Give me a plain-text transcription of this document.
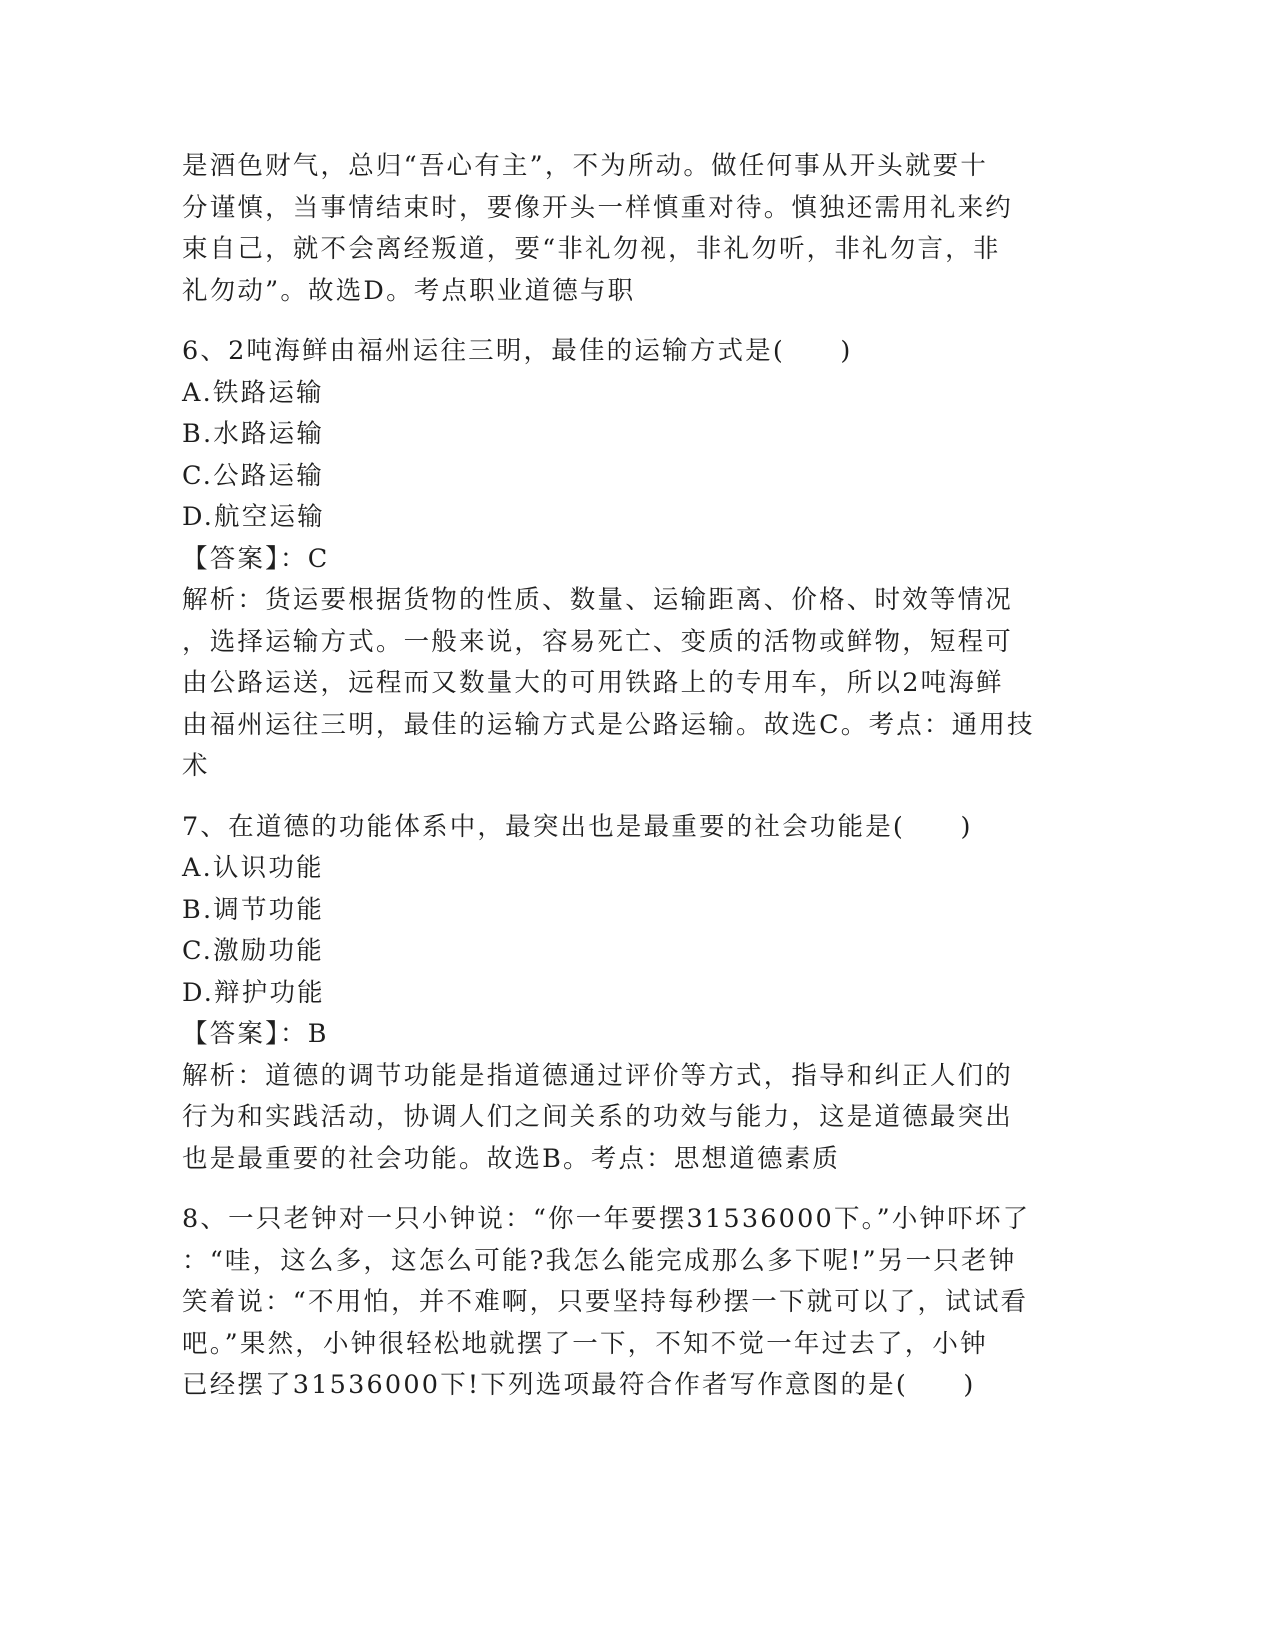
是酒色财气，总归“吾心有主”，不为所动。做任何事从开头就要十
分谨慎，当事情结束时，要像开头一样慎重对待。慎独还需用礼来约
束自己，就不会离经叛道，要“非礼勿视，非礼勿听，非礼勿言，非
礼勿动”。故选D。考点职业道德与职
6、2吨海鲜由福州运往三明，最佳的运输方式是(　　)
A.铁路运输
B.水路运输
C.公路运输
D.航空运输
【答案】：C
解析：货运要根据货物的性质、数量、运输距离、价格、时效等情况
，选择运输方式。一般来说，容易死亡、变质的活物或鲜物，短程可
由公路运送，远程而又数量大的可用铁路上的专用车，所以2吨海鲜
由福州运往三明，最佳的运输方式是公路运输。故选C。考点：通用技
术
7、在道德的功能体系中，最突出也是最重要的社会功能是(　　)
A.认识功能
B.调节功能
C.激励功能
D.辩护功能
【答案】：B
解析：道德的调节功能是指道德通过评价等方式，指导和纠正人们的
行为和实践活动，协调人们之间关系的功效与能力，这是道德最突出
也是最重要的社会功能。故选B。考点：思想道德素质
8、一只老钟对一只小钟说：“你一年要摆31536000下。”小钟吓坏了
：“哇，这么多，这怎么可能?我怎么能完成那么多下呢!”另一只老钟
笑着说：“不用怕，并不难啊，只要坚持每秒摆一下就可以了，试试看
吧。”果然，小钟很轻松地就摆了一下，不知不觉一年过去了，小钟
已经摆了31536000下!下列选项最符合作者写作意图的是(　　)
